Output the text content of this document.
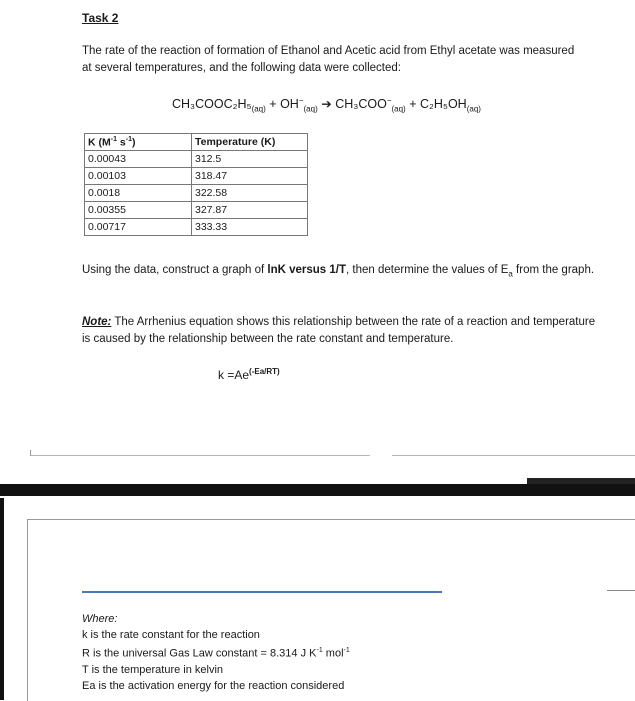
Task 2
The rate of the reaction of formation of Ethanol and Acetic acid from Ethyl acetate was measured at several temperatures, and the following data were collected:
$CH_3COOC_2H_5_{(aq)} + OH^-_{(aq)}$ ➔ $CH_3COO^-_{(aq)} + C_2H_5OH_{(aq)}$
K ($M^{-1}$ $s^{-1}$)	Temperature (K)
0.00043	312.5
0.00103	318.47
0.0018	322.58
0.00355	327.87
0.00717	333.33
Using the data, construct a graph of lnK versus 1/T, then determine the values of $E_a$ from the graph.
Note: The Arrhenius equation shows this relationship between the rate of a reaction and temperature is caused by the relationship between the rate constant and temperature.
$k =Ae^{(-Ea/RT)}$
Where:
k is the rate constant for the reaction
R is the universal Gas Law constant = 8.314 J $K^{-1}$ mol$^{-1}$
T is the temperature in kelvin
Ea is the activation energy for the reaction considered
